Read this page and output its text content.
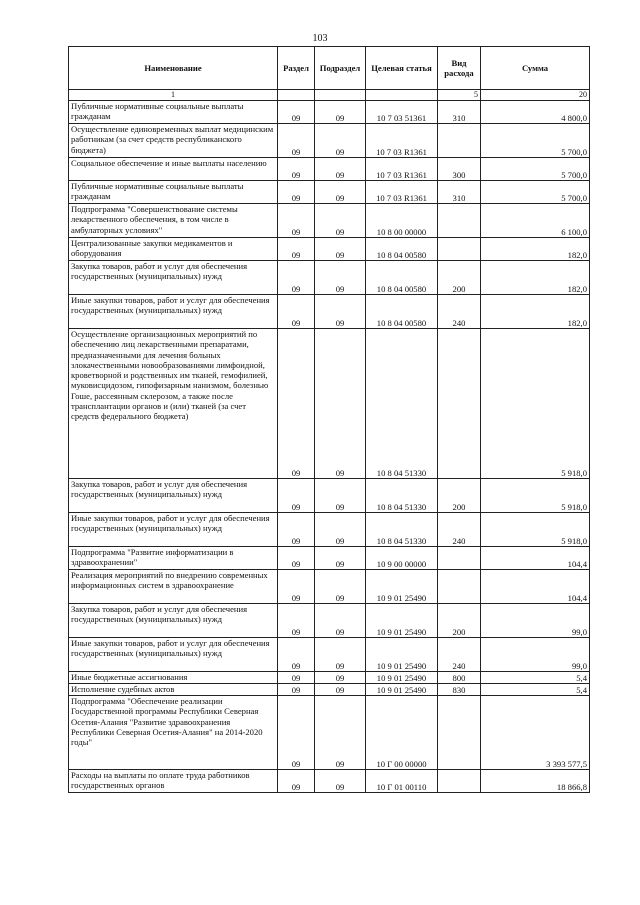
103
Наименование	Раздел	Подраздел	Целевая статья	Вид расхода	Сумма
1				5	20
Публичные нормативные социальные выплаты гражданам	09	09	10 7 03 51361	310	4 800,0
Осуществление единовременных выплат медицинским работникам (за счет средств республиканского бюджета)	09	09	10 7 03 R1361		5 700,0
Социальное обеспечение и иные выплаты населению	09	09	10 7 03 R1361	300	5 700,0
Публичные нормативные социальные выплаты гражданам	09	09	10 7 03 R1361	310	5 700,0
Подпрограмма "Совершенствование системы лекарственного обеспечения, в том числе в амбулаторных условиях"	09	09	10 8 00 00000		6 100,0
Централизованные закупки медикаментов и оборудования	09	09	10 8 04 00580		182,0
Закупка товаров, работ и услуг для обеспечения государственных (муниципальных) нужд	09	09	10 8 04 00580	200	182,0
Иные закупки товаров, работ и услуг для обеспечения государственных (муниципальных) нужд	09	09	10 8 04 00580	240	182,0
Осуществление организационных мероприятий по обеспечению лиц лекарственными препаратами, предназначенными для лечения больных злокачественными новообразованиями лимфоидной, кроветворной и родственных им тканей, гемофилией, муковисцидозом, гипофизарным нанизмом, болезнью Гоше, рассеянным склерозом, а также после трансплантации органов и (или) тканей (за счет средств федерального бюджета)	09	09	10 8 04 51330		5 918,0
Закупка товаров, работ и услуг для обеспечения государственных (муниципальных) нужд	09	09	10 8 04 51330	200	5 918,0
Иные закупки товаров, работ и услуг для обеспечения государственных (муниципальных) нужд	09	09	10 8 04 51330	240	5 918,0
Подпрограмма "Развитие информатизации в здравоохранении"	09	09	10 9 00 00000		104,4
Реализация мероприятий по внедрению современных информационных систем в здравоохранение	09	09	10 9 01 25490		104,4
Закупка товаров, работ и услуг для обеспечения государственных (муниципальных) нужд	09	09	10 9 01 25490	200	99,0
Иные закупки товаров, работ и услуг для обеспечения государственных (муниципальных) нужд	09	09	10 9 01 25490	240	99,0
Иные бюджетные ассигнования	09	09	10 9 01 25490	800	5,4
Исполнение судебных актов	09	09	10 9 01 25490	830	5,4
Подпрограмма "Обеспечение реализации Государственной программы Республики Северная Осетия-Алания "Развитие здравоохранения Республики Северная Осетия-Алания" на 2014-2020 годы"	09	09	10 Г 00 00000		3 393 577,5
Расходы на выплаты по оплате труда работников государственных органов	09	09	10 Г 01 00110		18 866,8
